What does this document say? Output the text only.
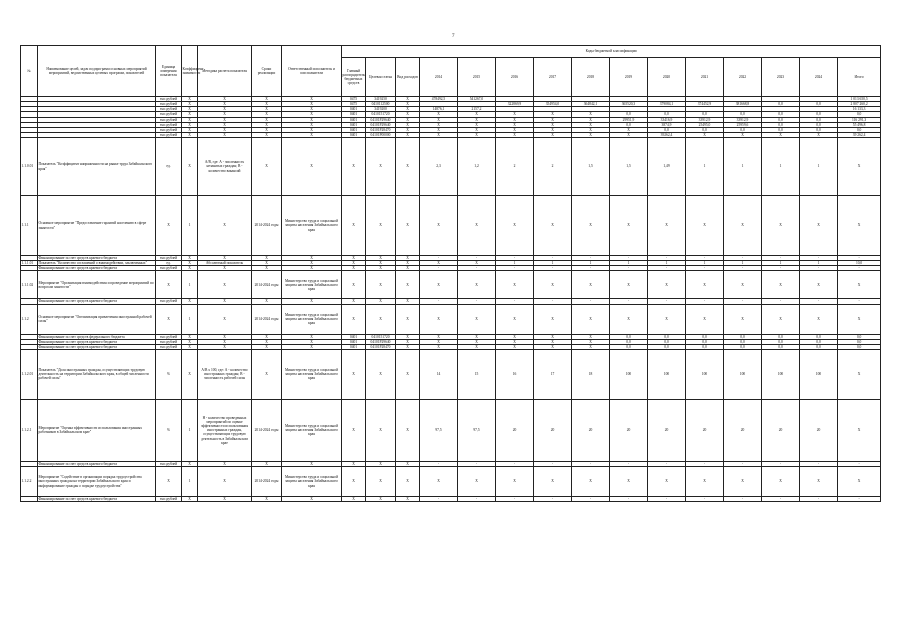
7
№	Наименование целей, задач подпрограмм основных мероприятий мероприятий, ведомственных целевых программ, показателей	Единица измерения показателя	Коэффициент значимости	Методика расчета показателя	Сроки реализации	Ответственный исполнитель и соисполнители	Коды бюджетной классификации														
							Главный распорядитель бюджетных средств	Целевая статья	Вид расходов	2014	2015	2016	2017	2018	2019	2020	2021	2022	2023	2024	Итого
		тыс.рублей	Х	Х	Х	Х	0475	3419250	Х	478492,5	541267,0										1 013 650,5
		тыс.рублей	Х	Х	Х	Х	0475	0410112500	Х			322869,9	354954,0	364842,1	365520,3	379084,1	374452,9	381668,8	0,0	0,0	2 807 260,2
		тыс.рублей	Х	Х	Х	Х	0401	3419200	Х	14876,1	2157,2										16 133,3
		тыс.рублей	Х	Х	Х	Х	0401	0410151720	Х	Х	Х	Х	Х	Х	0,0	0,0	0,0	0,0	0,0	0,0	0,0
		тыс.рублей	Х	Х	Х	Х	0401	04101Р29640	Х	Х	Х	Х	Х	Х	29951,9	33416,9	33912,9	33912,9	0,0	0,0	116 291,3
		тыс.рублей	Х	Х	Х	Х	0401	04101Р29640	Х	Х	Х	Х	Х	Х	0,0	3874,9	25495,0	25959,6	0,0	0,0	55 496,8
		тыс.рублей	Х	Х	Х	Х	0401	04101Р28470	Х	Х	Х	Х	Х	Х	Х	0,0	0,0	0,0	0,0	0,0	0,0
		тыс.рублей	Х	Х	Х	Х	0401	04101Р00000	Х	Х	Х	Х	Х	Х	Х	39262,4	Х	Х	Х	Х	39 262,4
1.1.0.01	Показатель "Коэффициент напряженности на рынке труда Забайкальского края"	ед.	Х	А/В, где: А - численность незанятых граждан; В - количество вакансий	Х	Х	Х	Х	Х	2,3	1,2	2	2	1,5	1,5	1,49	1	1	1	1	Х
1.1.1	Основное мероприятие "Предоставление гарантий населению в сфере занятости"	Х	1	Х	2014-2024 годы	Министерство труда и социальной защиты населения Забайкальского края	Х	Х	Х	Х	Х	Х	Х	Х	Х	Х	Х	Х	Х	Х	Х
	Финансирование за счет средств краевого бюджета	тыс.рублей	Х	Х	Х	Х	Х	Х	Х	-	-	-	-	-	-	-	-	-	-	-	-
1.1.1.01	Показатель "Количество соглашений о взаимодействии, заключенных"	ед.	Х	Абсолютный показатель	Х	Х	Х	Х	Х	Х	Х	1	1	1	1	1	1	1	1	1	10,0
	Финансирование за счет средств краевого бюджета	тыс.рублей	Х	Х	Х	Х	Х	Х	Х	-	-	-	-	-	-	-	-	-	-	-	-
1.1.1.02	Мероприятие "Организация взаимодействия и проведение мероприятий по вопросам занятости"	Х	1	Х	2014-2024 годы	Министерство труда и социальной защиты населения Забайкальского края	Х	Х	Х	Х	Х	Х	Х	Х	Х	Х	Х	Х	Х	Х	Х
	Финансирование за счет средств краевого бюджета	тыс.рублей	Х	Х	Х	Х	Х	Х	Х	-	-	-	-	-	-	-	-	-	-	-	-
1.1.2	Основное мероприятие "Оптимизация привлечения иностранной рабочей силы"	Х	1	Х	2014-2024 годы	Министерство труда и социальной защиты населения Забайкальского края	Х	Х	Х	Х	Х	Х	Х	Х	Х	Х	Х	Х	Х	Х	Х
	Финансирование за счет средств федерального бюджета	тыс.рублей	Х	Х	Х	Х	0401	0410151720	Х	Х	Х	Х	Х	Х	0,0	0,0	0,0	0,0	0,0	0,0	0,0
	Финансирование за счет средств краевого бюджета	тыс.рублей	Х	Х	Х	Х	0401	04101Р29640	Х	Х	Х	Х	Х	Х	0,0	0,0	0,0	0,0	0,0	0,0	0,0
	Финансирование за счет средств краевого бюджета	тыс.рублей	Х	Х	Х	Х	0401	04101Р28470	Х	Х	Х	Х	Х	Х	0,0	0,0	0,0	0,0	0,0	0,0	0,0
1.1.2.01	Показатель "Доля иностранных граждан, осуществляющих трудовую деятельность на территории Забайкальского края, в общей численности рабочей силы"	%	Х	А/В х 100, где: А - количество иностранных граждан; В - численность рабочей силы	Х	Министерство труда и социальной защиты населения Забайкальского края	Х	Х	Х	14	15	16	17	18	100	100	100	100	100	100	Х
1.1.2.1	Мероприятие "Оценка эффективности использования иностранных работников в Забайкальском крае"	%	1	Н - количество проведенных мероприятий по оценке эффективности использования иностранных граждан, осуществляющих трудовую деятельность в Забайкальском крае	2014-2024 годы	Министерство труда и социальной защиты населения Забайкальского края	Х	Х	Х	97,5	97,5	20	20	20	20	20	20	20	20	20	Х
	Финансирование за счет средств краевого бюджета	тыс.рублей	Х	Х	Х	Х	Х	Х	Х	-	-	-	-	-	-	-	-	-	-	-	-
1.1.2.2	Мероприятие "Содействие в организации порядка трудоустройства иностранных граждан на территории Забайкальского края и информирование граждан о порядке трудоустройства"	Х	1	Х	2014-2024 годы	Министерство труда и социальной защиты населения Забайкальского края	Х	Х	Х	Х	Х	Х	Х	Х	Х	Х	Х	Х	Х	Х	Х
	Финансирование за счет средств краевого бюджета	тыс.рублей	Х	Х	Х	Х	Х	Х	Х	-	-	-	-	-	-	-	-	-	-	-	-
